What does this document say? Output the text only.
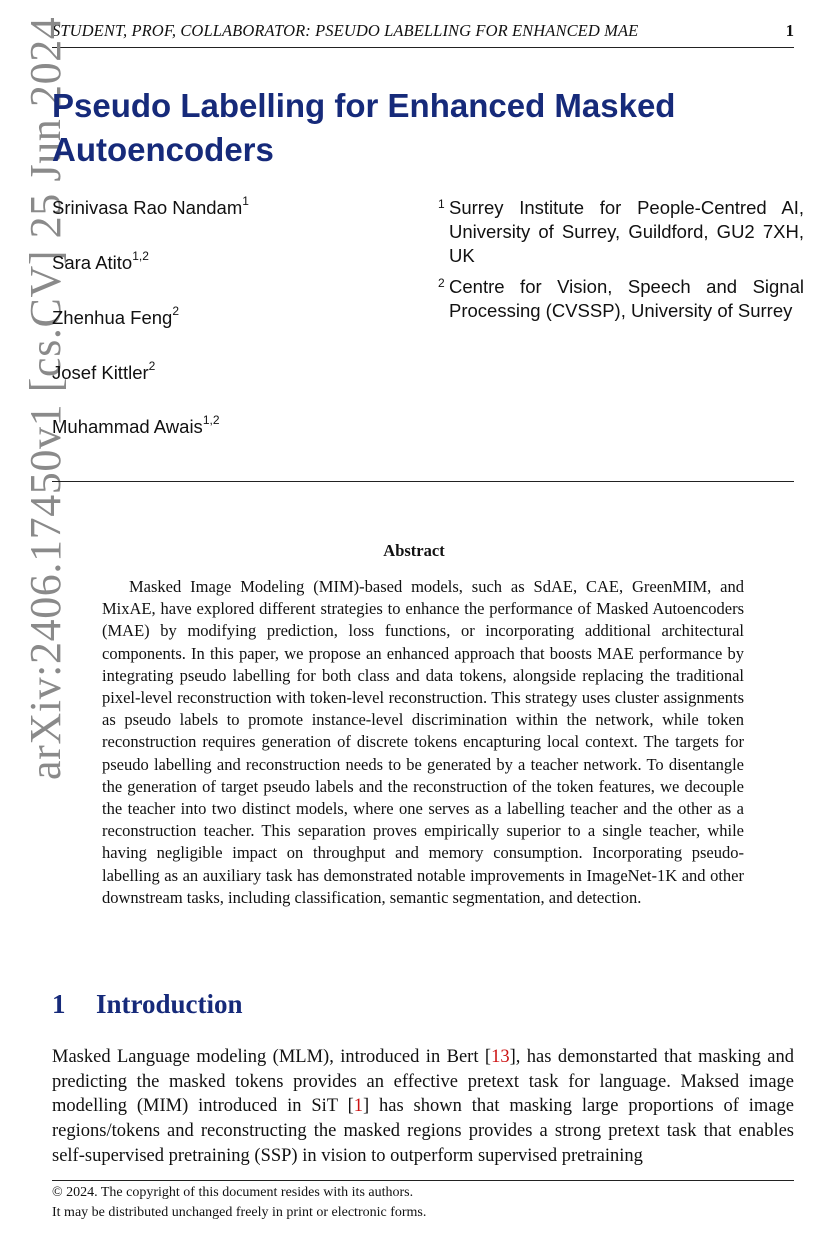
STUDENT, PROF, COLLABORATOR: PSEUDO LABELLING FOR ENHANCED MAE	1
arXiv:2406.17450v1 [cs.CV] 25 Jun 2024
Pseudo Labelling for Enhanced Masked Autoencoders
Srinivasa Rao Nandam$^1$
Sara Atito$^{1,2}$
Zhenhua Feng$^2$
Josef Kittler$^2$
Muhammad Awais$^{1,2}$
1 Surrey Institute for People-Centred AI, University of Surrey, Guildford, GU2 7XH, UK
2 Centre for Vision, Speech and Signal Processing (CVSSP), University of Surrey
Abstract

Masked Image Modeling (MIM)-based models, such as SdAE, CAE, GreenMIM, and MixAE, have explored different strategies to enhance the performance of Masked Autoencoders (MAE) by modifying prediction, loss functions, or incorporating additional architectural components. In this paper, we propose an enhanced approach that boosts MAE performance by integrating pseudo labelling for both class and data tokens, alongside replacing the traditional pixel-level reconstruction with token-level reconstruction. This strategy uses cluster assignments as pseudo labels to promote instance-level discrimination within the network, while token reconstruction requires generation of discrete tokens encapturing local context. The targets for pseudo labelling and reconstruction needs to be generated by a teacher network. To disentangle the generation of target pseudo labels and the reconstruction of the token features, we decouple the teacher into two distinct models, where one serves as a labelling teacher and the other as a reconstruction teacher. This separation proves empirically superior to a single teacher, while having negligible impact on throughput and memory consumption. Incorporating pseudo-labelling as an auxiliary task has demonstrated notable improvements in ImageNet-1K and other downstream tasks, including classification, semantic segmentation, and detection.

1 Introduction

Masked Language modeling (MLM), introduced in Bert [13], has demonstarted that masking and predicting the masked tokens provides an effective pretext task for language. Maksed image modelling (MIM) introduced in SiT [1] has shown that masking large proportions of image regions/tokens and reconstructing the masked regions provides a strong pretext task that enables self-supervised pretraining (SSP) in vision to outperform supervised pretraining

© 2024. The copyright of this document resides with its authors.
It may be distributed unchanged freely in print or electronic forms.
